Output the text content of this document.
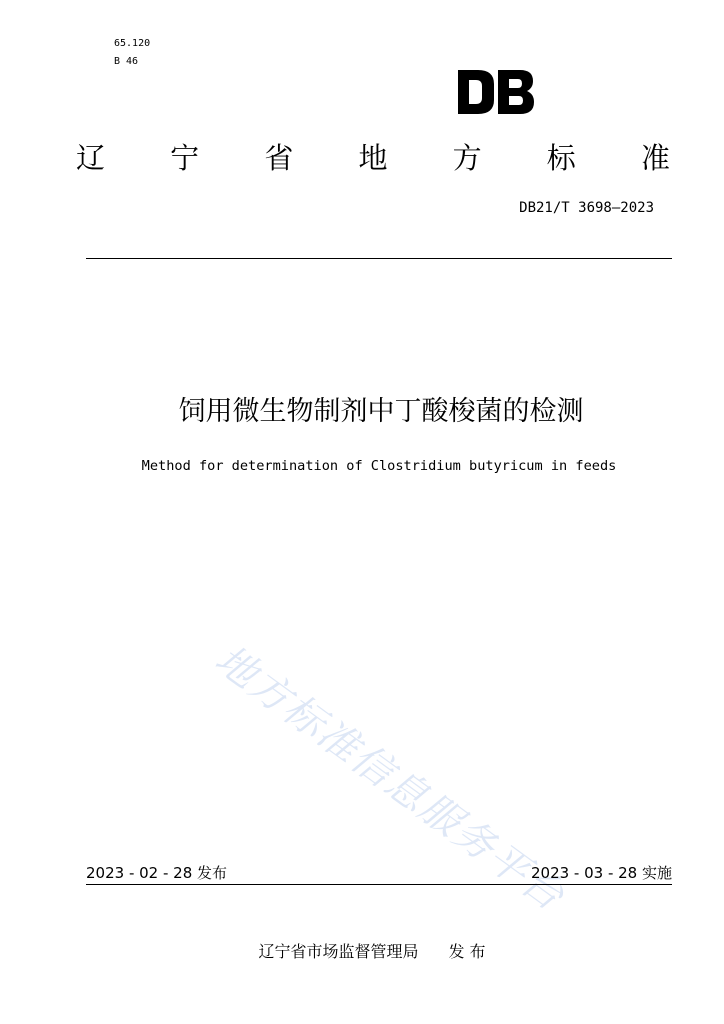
65.120
B 46
辽 宁 省 地 方 标 准
DB21/T 3698—2023
饲用微生物制剂中丁酸梭菌的检测
Method for determination of Clostridium butyricum in feeds
地方标准信息服务平台
2023 - 02 - 28 发布	2023 - 03 - 28 实施
辽宁省市场监督管理局 发 布
